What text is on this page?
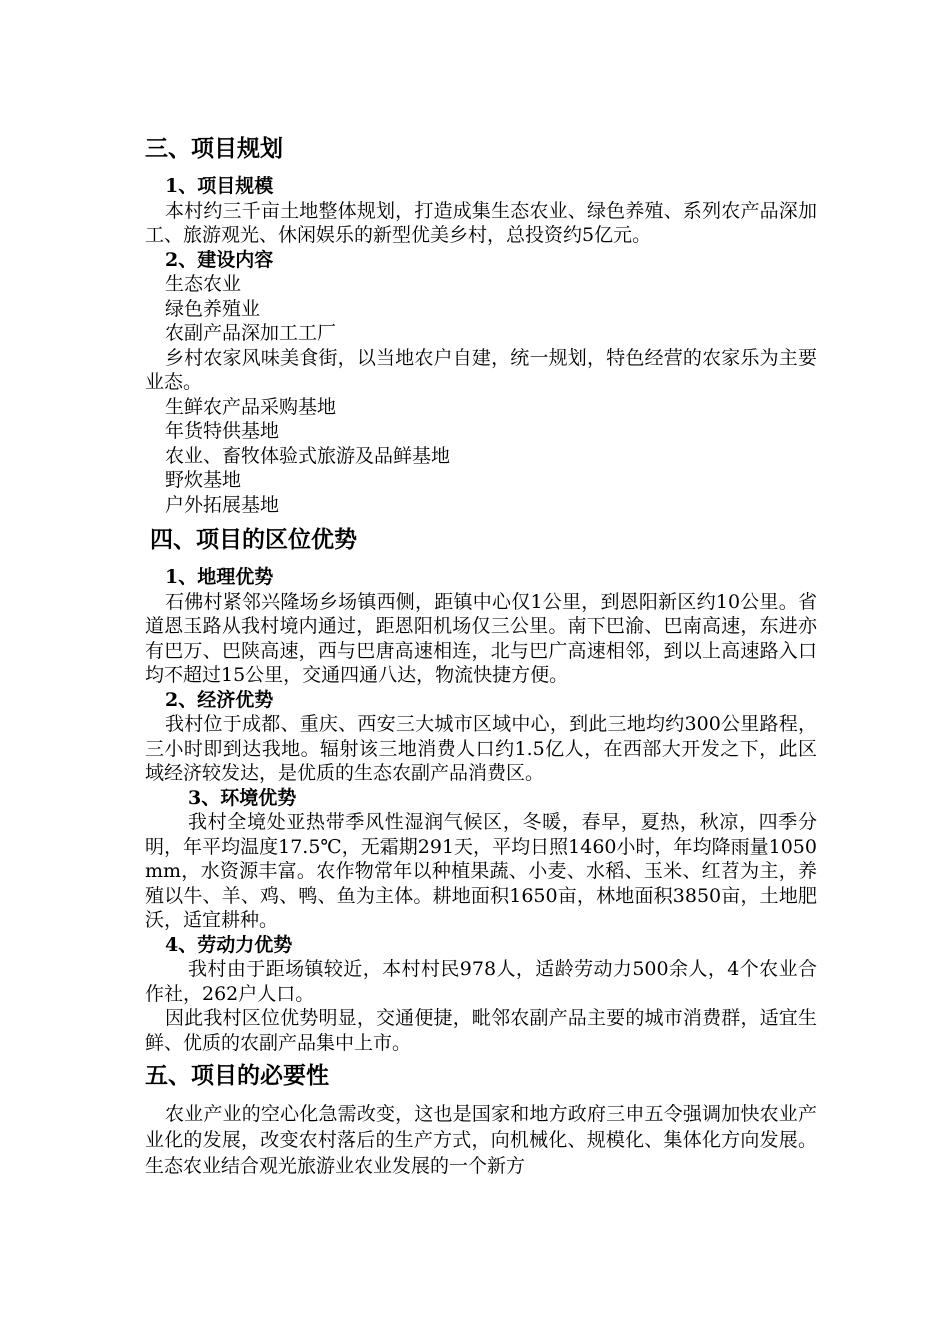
三、项目规划
1、项目规模

本村约三千亩土地整体规划，打造成集生态农业、绿色养殖、系列农产品深加工、旅游观光、休闲娱乐的新型优美乡村，总投资约5亿元。

2、建设内容
生态农业
绿色养殖业
农副产品深加工工厂

乡村农家风味美食街，以当地农户自建，统一规划，特色经营的农家乐为主要业态。

生鲜农产品采购基地
年货特供基地
农业、畜牧体验式旅游及品鲜基地
野炊基地
户外拓展基地
四、项目的区位优势
1、地理优势

石佛村紧邻兴隆场乡场镇西侧，距镇中心仅1公里，到恩阳新区约10公里。省道恩玉路从我村境内通过，距恩阳机场仅三公里。南下巴渝、巴南高速，东进亦有巴万、巴陕高速，西与巴唐高速相连，北与巴广高速相邻，到以上高速路入口均不超过15公里，交通四通八达，物流快捷方便。

2、经济优势

我村位于成都、重庆、西安三大城市区域中心，到此三地均约300公里路程，三小时即到达我地。辐射该三地消费人口约1.5亿人，在西部大开发之下，此区域经济较发达，是优质的生态农副产品消费区。

3、环境优势

我村全境处亚热带季风性湿润气候区，冬暖，春早，夏热，秋凉，四季分明，年平均温度17.5℃，无霜期291天，平均日照1460小时，年均降雨量1050mm，水资源丰富。农作物常年以种植果蔬、小麦、水稻、玉米、红苕为主，养殖以牛、羊、鸡、鸭、鱼为主体。耕地面积1650亩，林地面积3850亩，土地肥沃，适宜耕种。

4、劳动力优势

我村由于距场镇较近，本村村民978人，适龄劳动力500余人，4个农业合作社，262户人口。

因此我村区位优势明显，交通便捷，毗邻农副产品主要的城市消费群，适宜生鲜、优质的农副产品集中上市。

五、项目的必要性

农业产业的空心化急需改变，这也是国家和地方政府三申五令强调加快农业产业化的发展，改变农村落后的生产方式，向机械化、规模化、集体化方向发展。生态农业结合观光旅游业农业发展的一个新方
